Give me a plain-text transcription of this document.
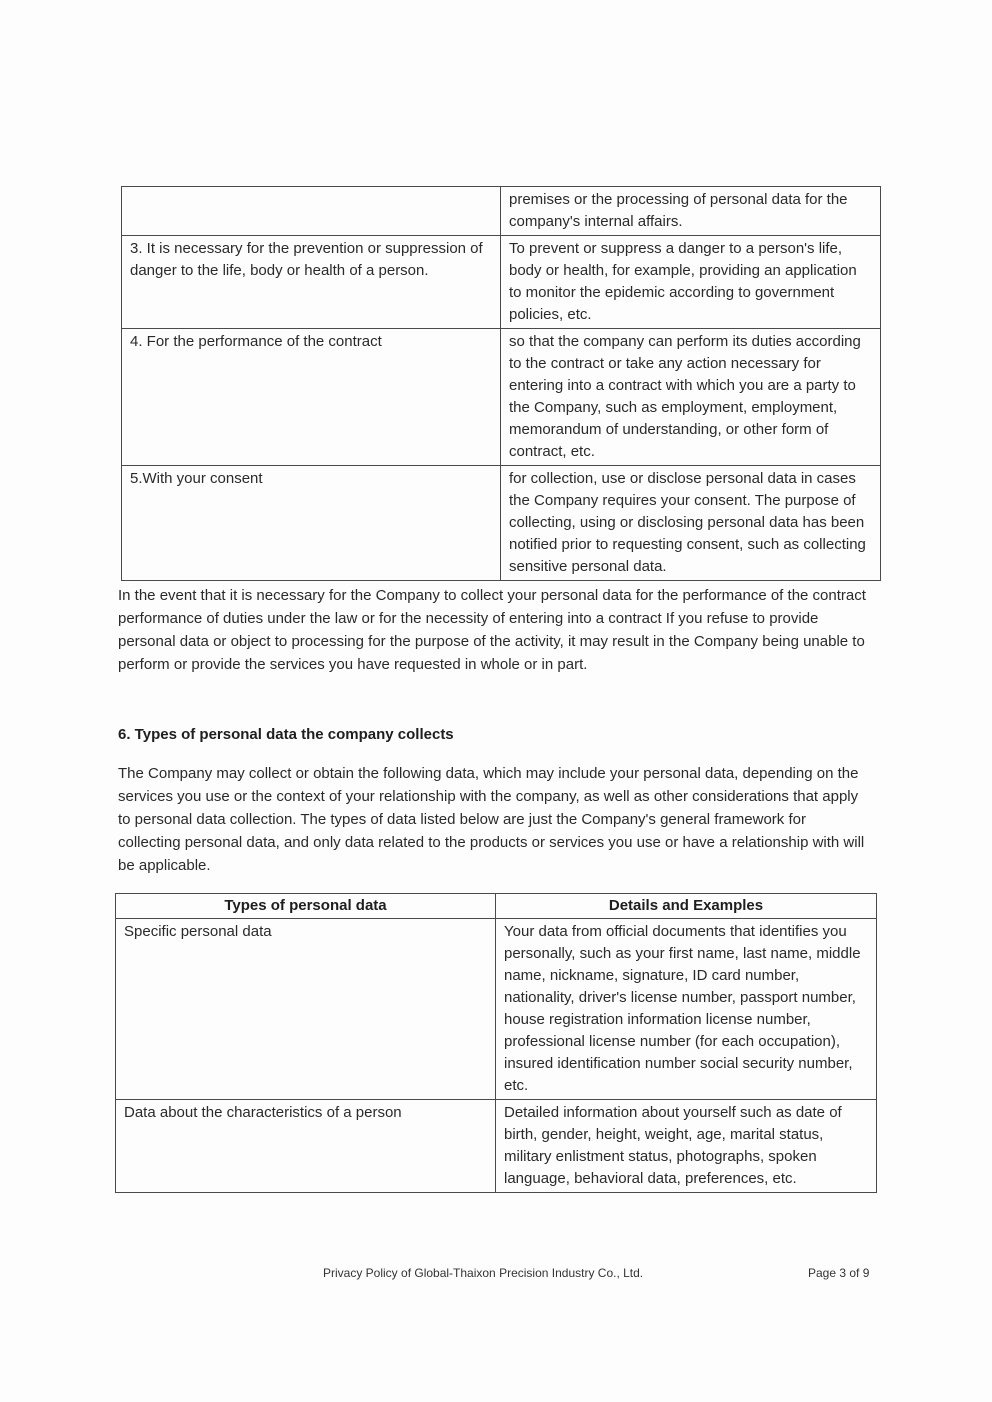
	premises or the processing of personal data for the company's internal affairs.
3. It is necessary for the prevention or suppression of danger to the life, body or health of a person.	To prevent or suppress a danger to a person's life, body or health, for example, providing an application to monitor the epidemic according to government policies, etc.
4. For the performance of the contract	so that the company can perform its duties according to the contract or take any action necessary for entering into a contract with which you are a party to the Company, such as employment, employment, memorandum of understanding, or other form of contract, etc.
5.With your consent	for collection, use or disclose personal data in cases the Company requires your consent. The purpose of collecting, using or disclosing personal data has been notified prior to requesting consent, such as collecting sensitive personal data.

In the event that it is necessary for the Company to collect your personal data for the performance of the contract performance of duties under the law or for the necessity of entering into a contract If you refuse to provide personal data or object to processing for the purpose of the activity, it may result in the Company being unable to perform or provide the services you have requested in whole or in part.

6. Types of personal data the company collects

The Company may collect or obtain the following data, which may include your personal data, depending on the services you use or the context of your relationship with the company, as well as other considerations that apply to personal data collection. The types of data listed below are just the Company's general framework for collecting personal data, and only data related to the products or services you use or have a relationship with will be applicable.

Types of personal data	Details and Examples
Specific personal data	Your data from official documents that identifies you personally, such as your first name, last name, middle name, nickname, signature, ID card number, nationality, driver's license number, passport number, house registration information license number, professional license number (for each occupation), insured identification number social security number, etc.
Data about the characteristics of a person	Detailed information about yourself such as date of birth, gender, height, weight, age, marital status, military enlistment status, photographs, spoken language, behavioral data, preferences, etc.
Privacy Policy of Global-Thaixon Precision Industry Co., Ltd.	Page 3 of 9
